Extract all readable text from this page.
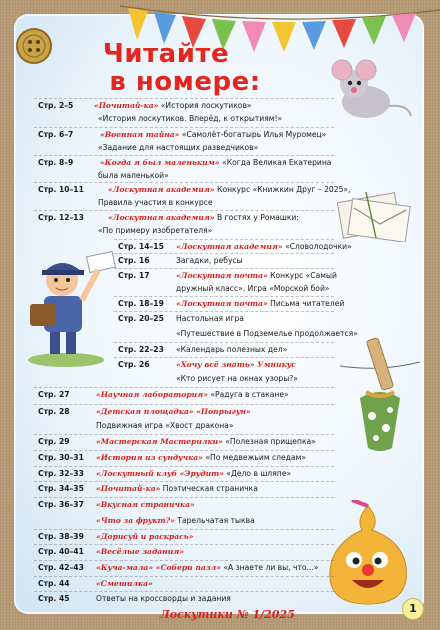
Читайте
в номере:
Стр. 2–5	«Почитай-ка» «История лоскутиков»
«История лоскутиков. Вперёд, к открытиям!»
Стр. 6–7	«Военная тайна» «Самолёт-богатырь Илья Муромец»
«Задание для настоящих разведчиков»
Стр. 8–9	«Когда я был маленьким» «Когда Великая Екатерина
была маленькой»
Стр. 10–11	«Лоскутная академия» Конкурс «Книжкин Друг – 2025»,
Правила участия в конкурсе
Стр. 12–13	«Лоскутная академия» В гостях у Ромашки:
«По примеру изобретателя»
Стр. 14–15 «Лоскутная академия» «Словолодочки»
Стр. 16	Загадки, ребусы
Стр. 17	«Лоскутная почта» Конкурс «Самый
дружный класс». Игра «Морской бой»
Стр. 18–19 «Лоскутная почта» Письма читателей
Стр. 20–25 Настольная игра
«Путешествие в Подземелье продолжается»
Стр. 22–23 «Календарь полезных дел»
Стр. 26	«Хочу всё знать» Умникус
«Кто рисует на окнах узоры?»
Стр. 27	«Научная лаборатория» «Радуга в стакане»
Стр. 28	«Детская площадка» «Попрыгун»
Подвижная игра «Хвост дракона»
Стр. 29	«Мастерская Мастерилки» «Полезная прищепка»
Стр. 30–31 «История из сундучка» «По медвежьим следам»
Стр. 32–33 «Лоскутный клуб «Эрудит» «Дело в шляпе»
Стр. 34–35 «Почитай-ка» Поэтическая страничка
Стр. 36–37 «Вкусная страничка»
«Что за фрукт?» Тарельчатая тыква
Стр. 38–39 «Дорисуй и раскрась»
Стр. 40–41 «Весёлые задания»
Стр. 42–43 «Куча-мала» «Собери пазл» «А знаете ли вы, что...»
Стр. 44	«Смешилка»
Стр. 45	Ответы на кроссворды и задания
Лоскутики № 1/2025	1
